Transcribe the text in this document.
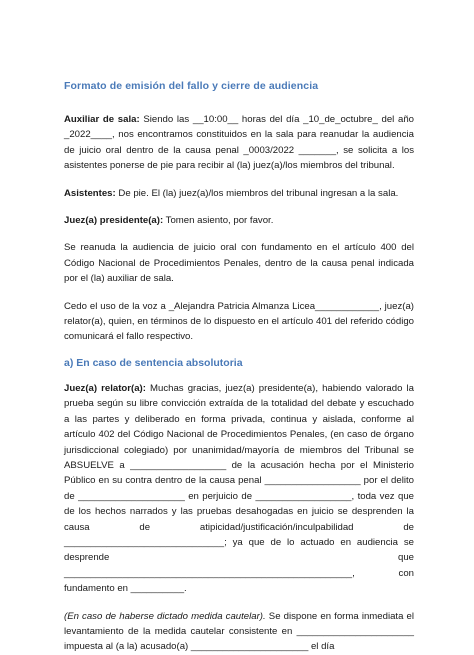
Formato de emisión del fallo y cierre de audiencia

Auxiliar de sala: Siendo las __10:00__ horas del día _10_de_octubre_ del año _2022____, nos encontramos constituidos en la sala para reanudar la audiencia de juicio oral dentro de la causa penal _0003/2022 _______, se solicita a los asistentes ponerse de pie para recibir al (la) juez(a)/los miembros del tribunal.

Asistentes: De pie. El (la) juez(a)/los miembros del tribunal ingresan a la sala.

Juez(a) presidente(a): Tomen asiento, por favor.

Se reanuda la audiencia de juicio oral con fundamento en el artículo 400 del Código Nacional de Procedimientos Penales, dentro de la causa penal indicada por el (la) auxiliar de sala.

Cedo el uso de la voz a _Alejandra Patricia Almanza Licea____________, juez(a) relator(a), quien, en términos de lo dispuesto en el artículo 401 del referido código comunicará el fallo respectivo.

a) En caso de sentencia absolutoria

Juez(a) relator(a): Muchas gracias, juez(a) presidente(a), habiendo valorado la prueba según su libre convicción extraída de la totalidad del debate y escuchado a las partes y deliberado en forma privada, continua y aislada, conforme al artículo 402 del Código Nacional de Procedimientos Penales, (en caso de órgano jurisdiccional colegiado) por unanimidad/mayoría de miembros del Tribunal se ABSUELVE a __________________ de la acusación hecha por el Ministerio Público en su contra dentro de la causa penal __________________ por el delito de ____________________ en perjuicio de __________________, toda vez que de los hechos narrados y las pruebas desahogadas en juicio se desprenden la causa de atipicidad/justificación/inculpabilidad de ______________________________; ya que de lo actuado en audiencia se desprende que ______________________________________________________, con fundamento en __________.

(En caso de haberse dictado medida cautelar). Se dispone en forma inmediata el levantamiento de la medida cautelar consistente en ______________________ impuesta al (a la) acusado(a) ______________________ el día
